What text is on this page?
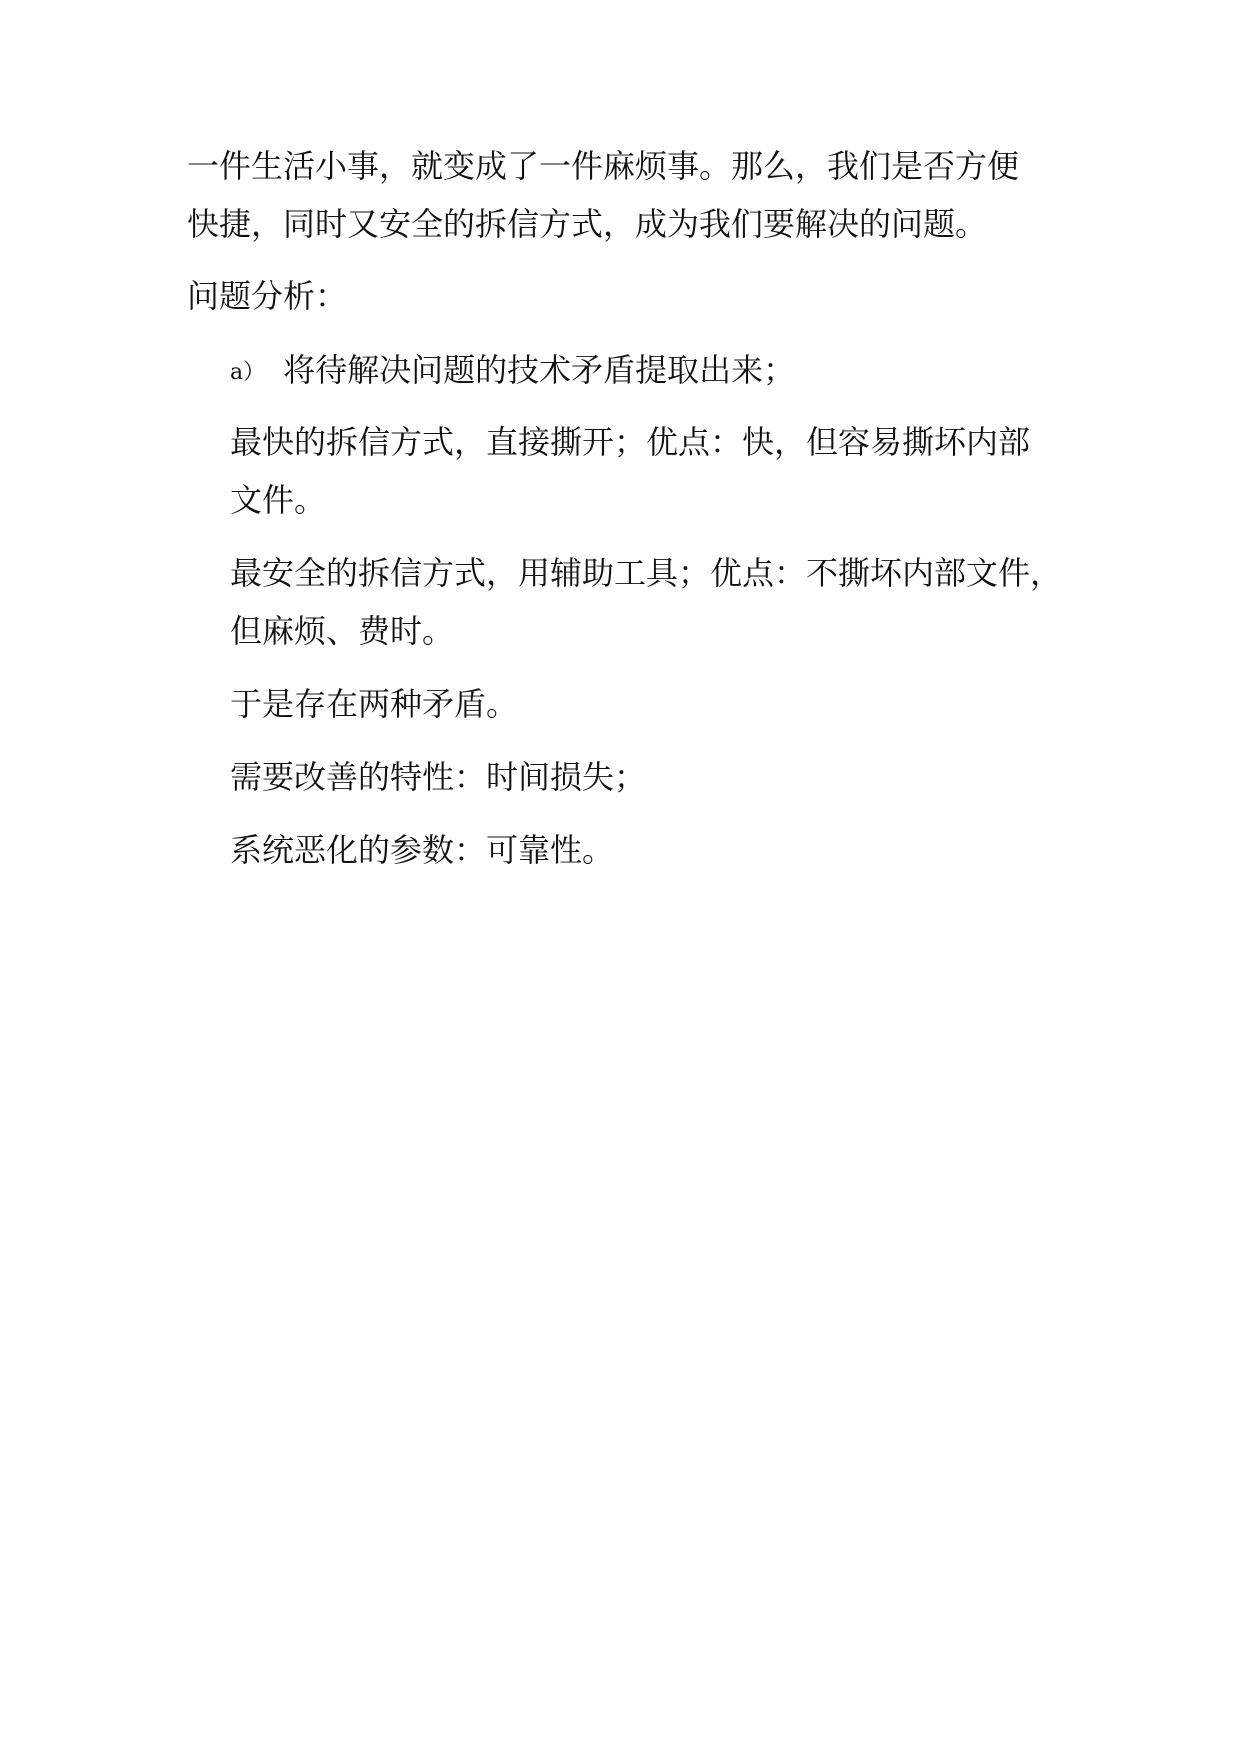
一件生活小事，就变成了一件麻烦事。那么，我们是否方便
快捷，同时又安全的拆信方式，成为我们要解决的问题。
问题分析：
a） 将待解决问题的技术矛盾提取出来；
最快的拆信方式，直接撕开；优点：快，但容易撕坏内部
文件。
最安全的拆信方式，用辅助工具；优点：不撕坏内部文件，
但麻烦、费时。
于是存在两种矛盾。
需要改善的特性：时间损失；
系统恶化的参数：可靠性。
